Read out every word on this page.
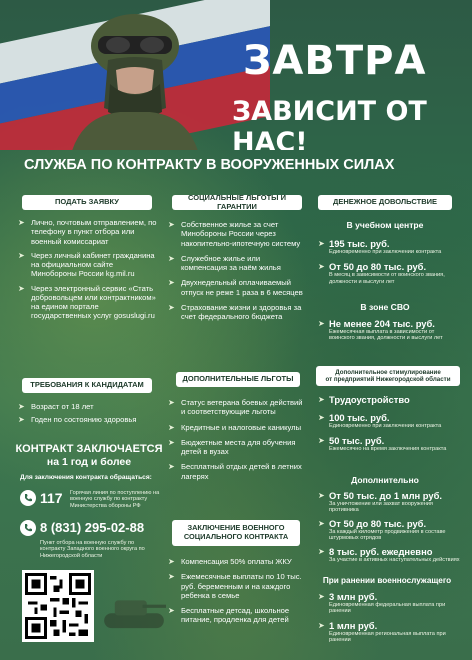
ЗАВТРА
ЗАВИСИТ ОТ НАС!
СЛУЖБА ПО КОНТРАКТУ В ВООРУЖЕННЫХ СИЛАХ
ПОДАТЬ ЗАЯВКУ
➤ Лично, почтовым отправлением, по телефону в пункт отбора или военный комиссариат
➤ Через личный кабинет гражданина на официальном сайте Минобороны России kg.mil.ru
➤ Через электронный сервис «Стать добровольцем или контрактником» на едином портале государственных услуг gosuslugi.ru
ТРЕБОВАНИЯ К КАНДИДАТАМ
➤ Возраст от 18 лет
➤ Годен по состоянию здоровья
КОНТРАКТ ЗАКЛЮЧАЕТСЯ
на 1 год и более
Для заключения контракта обращаться:
117 Горячая линия по поступлению на военную службу по контракту Министерства обороны РФ
8 (831) 295-02-88
Пункт отбора на военную службу по контракту Западного военного округа по Нижегородской области
СОЦИАЛЬНЫЕ ЛЬГОТЫ И ГАРАНТИИ
➤ Собственное жилье за счет Минобороны России через накопительно-ипотечную систему
➤ Служебное жилье или компенсация за наём жилья
➤ Двухнедельный оплачиваемый отпуск не реже 1 раза в 6 месяцев
➤ Страхование жизни и здоровья за счет федерального бюджета
ДОПОЛНИТЕЛЬНЫЕ ЛЬГОТЫ
➤ Статус ветерана боевых действий и соответствующие льготы
➤ Кредитные и налоговые каникулы
➤ Бюджетные места для обучения детей в вузах
➤ Бесплатный отдых детей в летних лагерях
ЗАКЛЮЧЕНИЕ ВОЕННОГО СОЦИАЛЬНОГО КОНТРАКТА
➤ Компенсация 50% оплаты ЖКУ
➤ Ежемесячные выплаты по 10 тыс. руб. беременным и на каждого ребенка в семье
➤ Бесплатные детсад, школьное питание, продленка для детей
ДЕНЕЖНОЕ ДОВОЛЬСТВИЕ
В учебном центре
➤ 195 тыс. руб.
Единовременно при заключении контракта
➤ От 50 до 80 тыс. руб.
В месяц в зависимости от воинского звания, должности и выслуги лет
В зоне СВО
➤ Не менее 204 тыс. руб.
Ежемесячная выплата в зависимости от воинского звания, должности и выслуги лет
Дополнительное стимулирование
от предприятий Нижегородской области
➤ Трудоустройство
➤ 100 тыс. руб.
Единовременно при заключении контракта
➤ 50 тыс. руб.
Ежемесячно на время заключения контракта
Дополнительно
➤ От 50 тыс. до 1 млн руб.
За уничтожение или захват вооружения противника
➤ От 50 до 80 тыс. руб.
За каждый километр продвижения в составе штурмовых отрядов
➤ 8 тыс. руб. ежедневно
За участие в активных наступательных действиях
При ранении военнослужащего
➤ 3 млн руб.
Единовременная федеральная выплата при ранении
➤ 1 млн руб.
Единовременная региональная выплата при ранении
